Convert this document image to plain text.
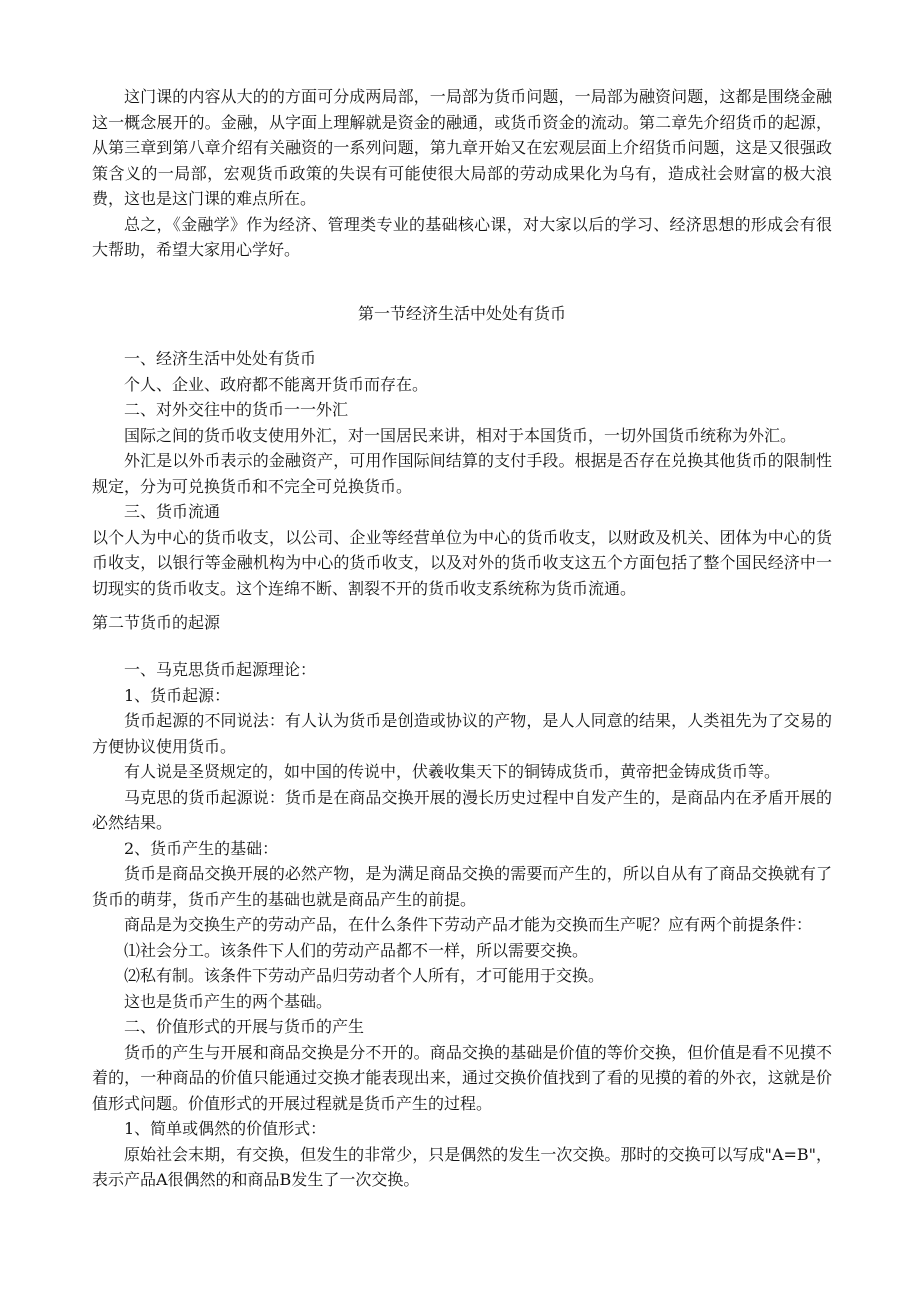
这门课的内容从大的的方面可分成两局部，一局部为货币问题，一局部为融资问题，这都是围绕金融这一概念展开的。金融，从字面上理解就是资金的融通，或货币资金的流动。第二章先介绍货币的起源，从第三章到第八章介绍有关融资的一系列问题，第九章开始又在宏观层面上介绍货币问题，这是又很强政策含义的一局部，宏观货币政策的失误有可能使很大局部的劳动成果化为乌有，造成社会财富的极大浪费，这也是这门课的难点所在。

总之，《金融学》作为经济、管理类专业的基础核心课，对大家以后的学习、经济思想的形成会有很大帮助，希望大家用心学好。

第一节经济生活中处处有货币

一、经济生活中处处有货币

个人、企业、政府都不能离开货币而存在。

二、对外交往中的货币一一外汇

国际之间的货币收支使用外汇，对一国居民来讲，相对于本国货币，一切外国货币统称为外汇。

外汇是以外币表示的金融资产，可用作国际间结算的支付手段。根据是否存在兑换其他货币的限制性规定，分为可兑换货币和不完全可兑换货币。

三、货币流通

以个人为中心的货币收支，以公司、企业等经营单位为中心的货币收支，以财政及机关、团体为中心的货币收支，以银行等金融机构为中心的货币收支，以及对外的货币收支这五个方面包括了整个国民经济中一切现实的货币收支。这个连绵不断、割裂不开的货币收支系统称为货币流通。

第二节货币的起源

一、马克思货币起源理论：

1、货币起源：

货币起源的不同说法：有人认为货币是创造或协议的产物，是人人同意的结果，人类祖先为了交易的方便协议使用货币。

有人说是圣贤规定的，如中国的传说中，伏羲收集天下的铜铸成货币，黄帝把金铸成货币等。

马克思的货币起源说：货币是在商品交换开展的漫长历史过程中自发产生的，是商品内在矛盾开展的必然结果。

2、货币产生的基础：

货币是商品交换开展的必然产物，是为满足商品交换的需要而产生的，所以自从有了商品交换就有了货币的萌芽，货币产生的基础也就是商品产生的前提。

商品是为交换生产的劳动产品，在什么条件下劳动产品才能为交换而生产呢？应有两个前提条件：

⑴社会分工。该条件下人们的劳动产品都不一样，所以需要交换。

⑵私有制。该条件下劳动产品归劳动者个人所有，才可能用于交换。

这也是货币产生的两个基础。

二、价值形式的开展与货币的产生

货币的产生与开展和商品交换是分不开的。商品交换的基础是价值的等价交换，但价值是看不见摸不着的，一种商品的价值只能通过交换才能表现出来，通过交换价值找到了看的见摸的着的外衣，这就是价值形式问题。价值形式的开展过程就是货币产生的过程。

1、简单或偶然的价值形式：

原始社会末期，有交换，但发生的非常少，只是偶然的发生一次交换。那时的交换可以写成"A=B"，表示产品A很偶然的和商品B发生了一次交换。
